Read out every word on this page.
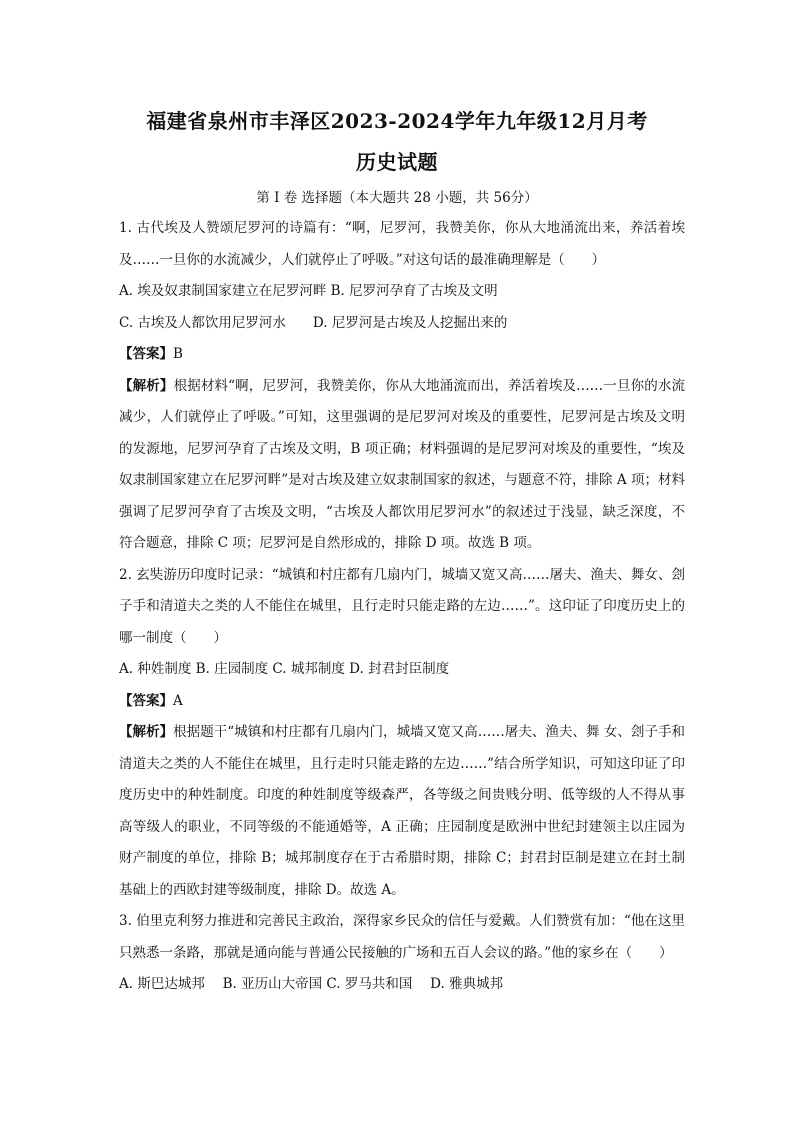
福建省泉州市丰泽区2023-2024学年九年级12月月考
历史试题

第 I 卷 选择题（本大题共 28 小题，共 56分）

1. 古代埃及人赞颂尼罗河的诗篇有：“啊，尼罗河，我赞美你，你从大地涌流出来，养活着埃及……一旦你的水流减少，人们就停止了呼吸。”对这句话的最准确理解是（　　）

A. 埃及奴隶制国家建立在尼罗河畔 B. 尼罗河孕育了古埃及文明

C. 古埃及人都饮用尼罗河水　　D. 尼罗河是古埃及人挖掘出来的

【答案】B

【解析】根据材料“啊，尼罗河，我赞美你，你从大地涌流而出，养活着埃及……一旦你的水流减少，人们就停止了呼吸。”可知，这里强调的是尼罗河对埃及的重要性，尼罗河是古埃及文明的发源地，尼罗河孕育了古埃及文明，B 项正确；材料强调的是尼罗河对埃及的重要性，“埃及奴隶制国家建立在尼罗河畔”是对古埃及建立奴隶制国家的叙述，与题意不符，排除 A 项；材料强调了尼罗河孕育了古埃及文明，“古埃及人都饮用尼罗河水”的叙述过于浅显，缺乏深度，不符合题意，排除 C 项；尼罗河是自然形成的，排除 D 项。故选 B 项。

2. 玄奘游历印度时记录：“城镇和村庄都有几扇内门，城墙又宽又高……屠夫、渔夫、舞女、刽子手和清道夫之类的人不能住在城里，且行走时只能走路的左边……”。这印证了印度历史上的哪一制度（　　）

A. 种姓制度 B. 庄园制度 C. 城邦制度 D. 封君封臣制度

【答案】A

【解析】根据题干“城镇和村庄都有几扇内门，城墙又宽又高……屠夫、渔夫、舞 女、刽子手和清道夫之类的人不能住在城里，且行走时只能走路的左边……”结合所学知识，可知这印证了印度历史中的种姓制度。印度的种姓制度等级森严，各等级之间贵贱分明、低等级的人不得从事高等级人的职业，不同等级的不能通婚等，A 正确；庄园制度是欧洲中世纪封建领主以庄园为财产制度的单位，排除 B；城邦制度存在于古希腊时期，排除 C；封君封臣制是建立在封土制基础上的西欧封建等级制度，排除 D。故选 A。

3. 伯里克利努力推进和完善民主政治，深得家乡民众的信任与爱戴。人们赞赏有加：“他在这里只熟悉一条路，那就是通向能与普通公民接触的广场和五百人会议的路。”他的家乡在（　　）

A. 斯巴达城邦　 B. 亚历山大帝国 C. 罗马共和国　 D. 雅典城邦
